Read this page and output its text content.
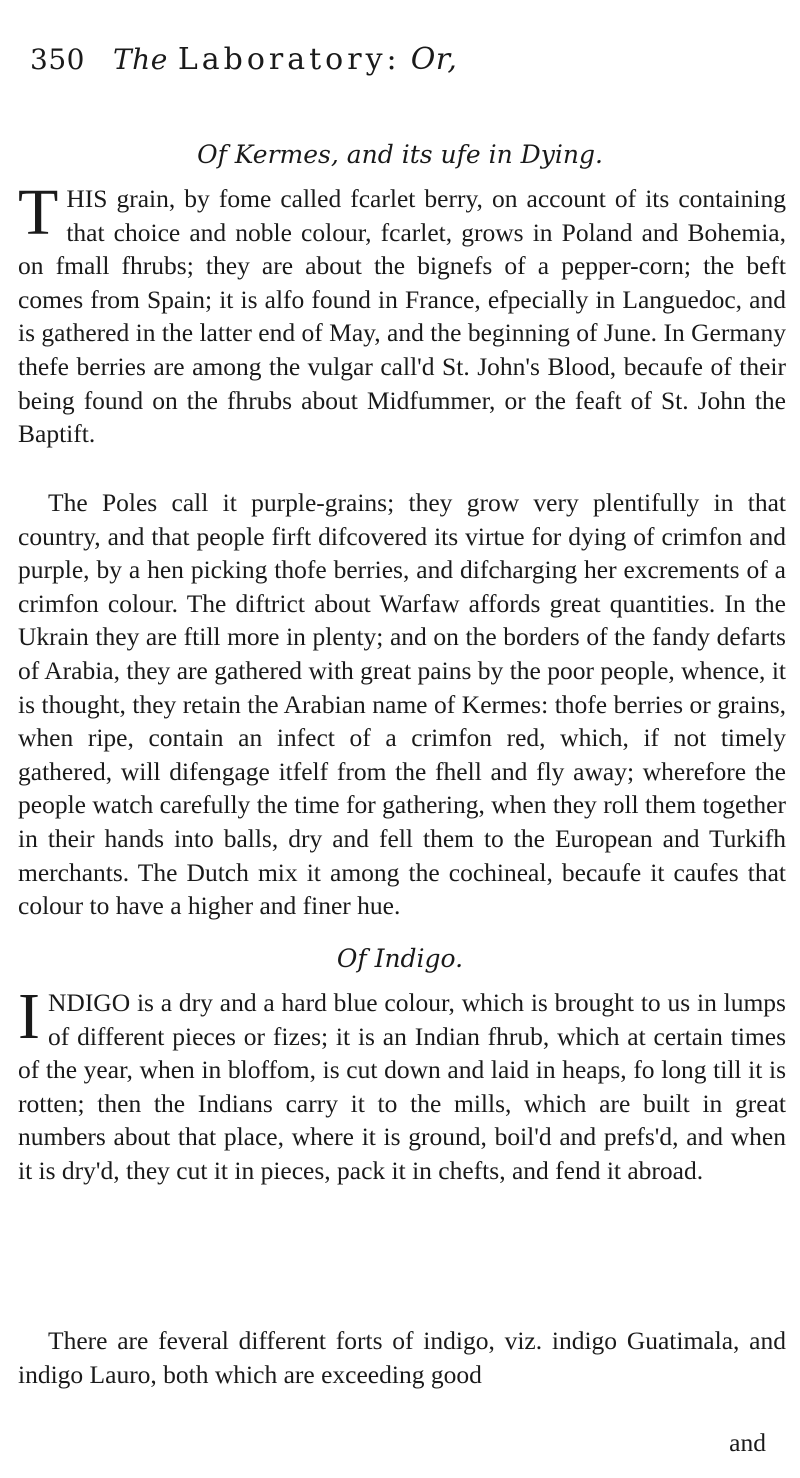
350 The Laboratory: Or,
Of Kermes, and its ufe in Dying.
T HIS grain, by fome called fcarlet berry, on account of its containing that choice and noble colour, fcarlet, grows in Poland and Bohemia, on fmall fhrubs; they are about the bignefs of a pepper-corn; the beft comes from Spain; it is alfo found in France, efpecially in Languedoc, and is gathered in the latter end of May, and the beginning of June. In Germany thefe berries are among the vulgar call'd St. John's Blood, becaufe of their being found on the fhrubs about Midfummer, or the feaft of St. John the Baptift.
The Poles call it purple-grains; they grow very plentifully in that country, and that people firft difcovered its virtue for dying of crimfon and purple, by a hen picking thofe berries, and difcharging her excrements of a crimfon colour. The diftrict about Warfaw affords great quantities. In the Ukrain they are ftill more in plenty; and on the borders of the fandy defarts of Arabia, they are gathered with great pains by the poor people, whence, it is thought, they retain the Arabian name of Kermes: thofe berries or grains, when ripe, contain an infect of a crimfon red, which, if not timely gathered, will difengage itfelf from the fhell and fly away; wherefore the people watch carefully the time for gathering, when they roll them together in their hands into balls, dry and fell them to the European and Turkifh merchants. The Dutch mix it among the cochineal, becaufe it caufes that colour to have a higher and finer hue.
Of Indigo.
I NDIGO is a dry and a hard blue colour, which is brought to us in lumps of different pieces or fizes; it is an Indian fhrub, which at certain times of the year, when in bloffom, is cut down and laid in heaps, fo long till it is rotten; then the Indians carry it to the mills, which are built in great numbers about that place, where it is ground, boil'd and prefs'd, and when it is dry'd, they cut it in pieces, pack it in chefts, and fend it abroad.
There are feveral different forts of indigo, viz. indigo Guatimala, and indigo Lauro, both which are exceeding good
and
